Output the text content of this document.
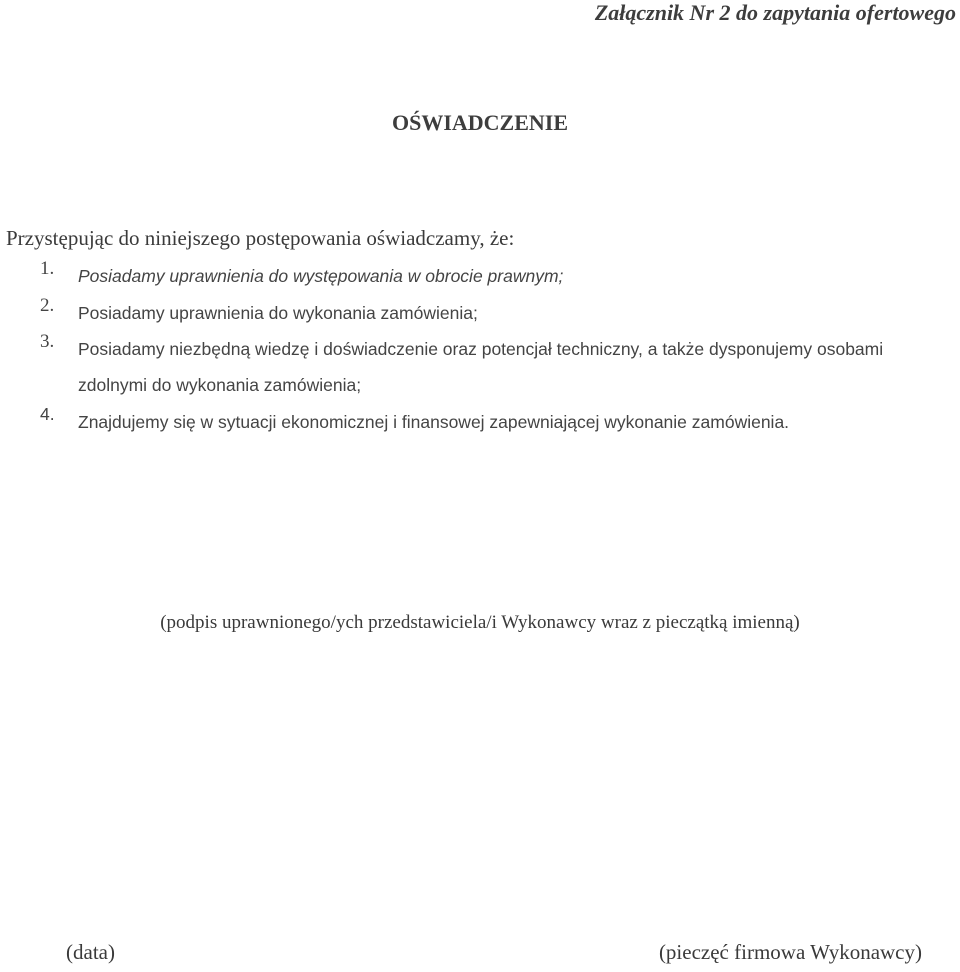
Załącznik Nr 2 do zapytania ofertowego
OŚWIADCZENIE
Przystępując do niniejszego postępowania oświadczamy, że:
1. Posiadamy uprawnienia do występowania w obrocie prawnym;
2. Posiadamy uprawnienia do wykonania zamówienia;
3. Posiadamy niezbędną wiedzę i doświadczenie oraz potencjał techniczny, a także dysponujemy osobami zdolnymi do wykonania zamówienia;
4. Znajdujemy się w sytuacji ekonomicznej i finansowej zapewniającej wykonanie zamówienia.
(podpis uprawnionego/ych przedstawiciela/i Wykonawcy wraz z pieczątką imienną)
(data)	(pieczęć firmowa Wykonawcy)
